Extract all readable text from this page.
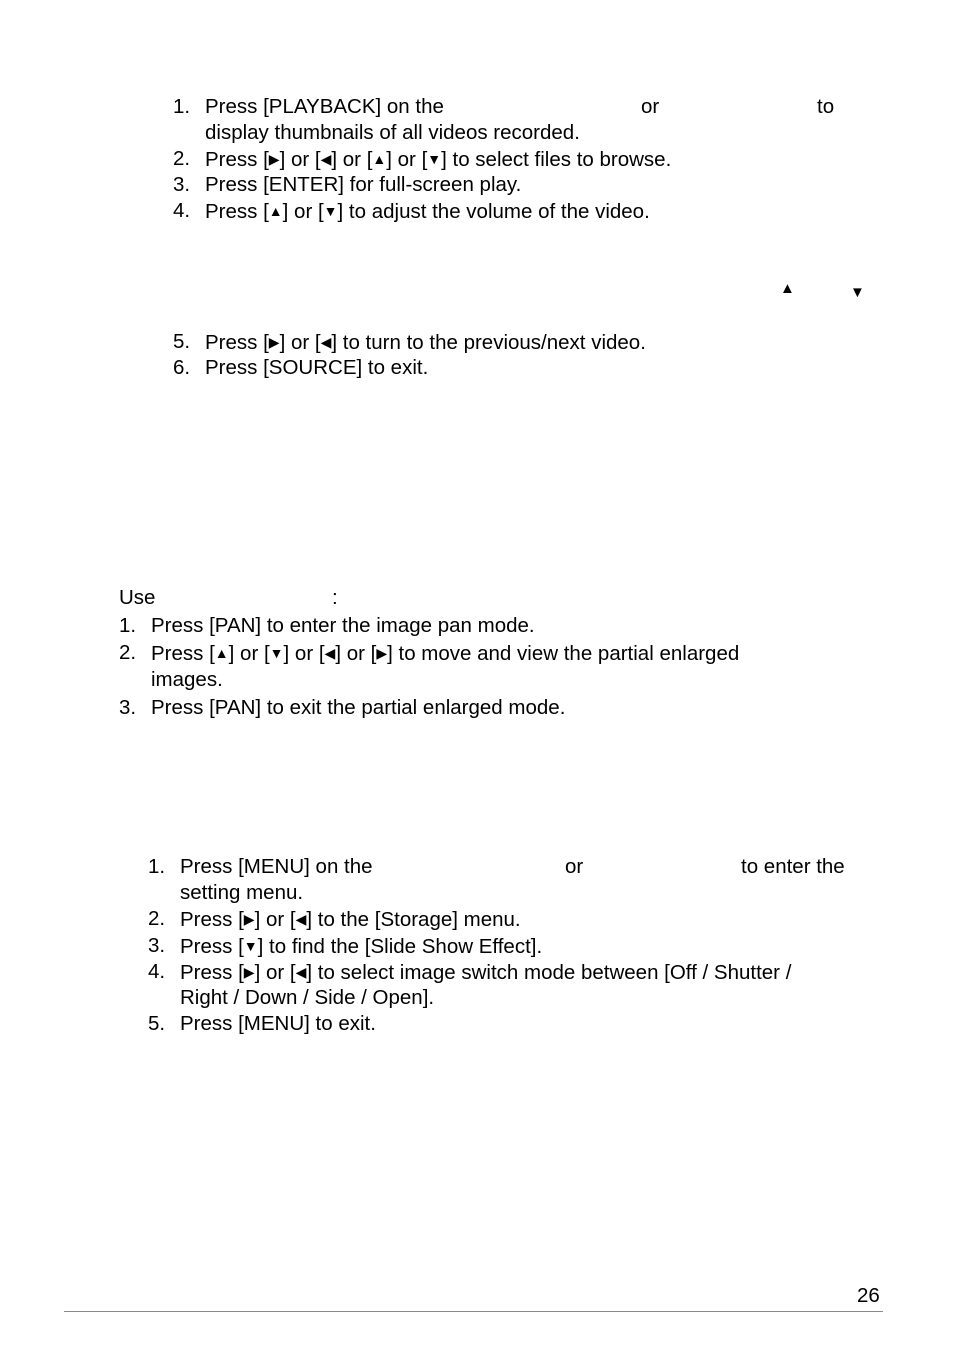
1. Press [PLAYBACK] on the	or	to
display thumbnails of all videos recorded.
2. Press [▶] or [◀] or [▲] or [▼] to select files to browse.
3. Press [ENTER] for full-screen play.
4. Press [▲] or [▼] to adjust the volume of the video.
▲	▼
5. Press [▶] or [◀] to turn to the previous/next video.
6. Press [SOURCE] to exit.
Use	:
1. Press [PAN] to enter the image pan mode.
2. Press [▲] or [▼] or [◀] or [▶] to move and view the partial enlarged
images.
3. Press [PAN] to exit the partial enlarged mode.
1. Press [MENU] on the	or	to enter the
setting menu.
2. Press [▶] or [◀] to the [Storage] menu.
3. Press [▼] to find the [Slide Show Effect].
4. Press [▶] or [◀] to select image switch mode between [Off / Shutter /
Right / Down / Side / Open].
5. Press [MENU] to exit.
26
